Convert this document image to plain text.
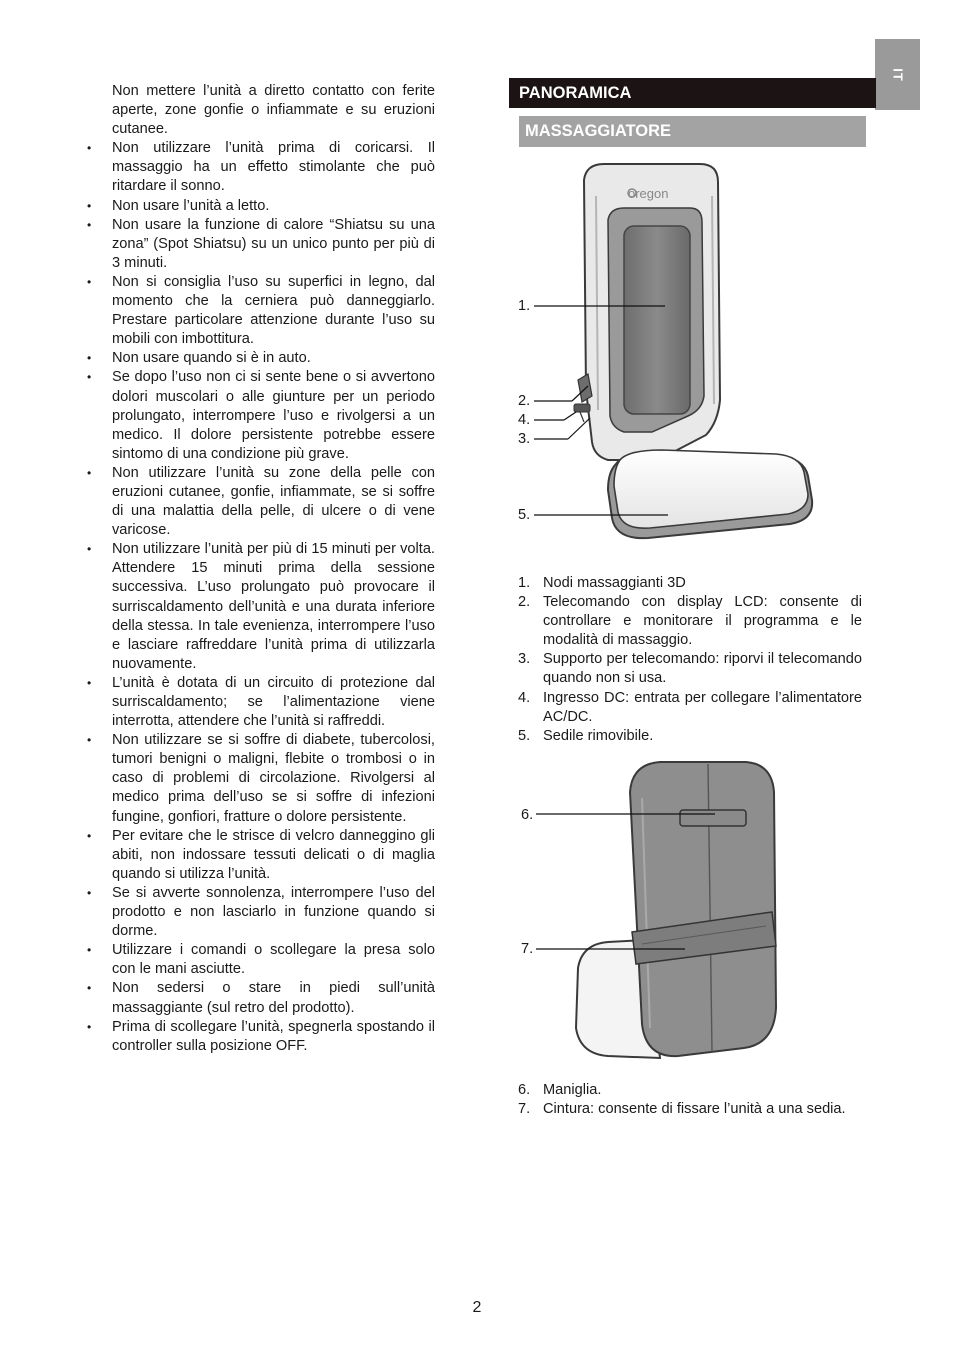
IT

Non mettere l’unità a diretto contatto con ferite aperte, zone gonfie o infiammate e su eruzioni cutanee.

• Non utilizzare l’unità prima di coricarsi. Il massaggio ha un effetto stimolante che può ritardare il sonno.
• Non usare l’unità a letto.
• Non usare la funzione di calore “Shiatsu su una zona” (Spot Shiatsu) su un unico punto per più di 3 minuti.
• Non si consiglia l’uso su superfici in legno, dal momento che la cerniera può danneggiarlo. Prestare particolare attenzione durante l’uso su mobili con imbottitura.
• Non usare quando si è in auto.
• Se dopo l’uso non ci si sente bene o si avvertono dolori muscolari o alle giunture per un periodo prolungato, interrompere l’uso e rivolgersi a un medico. Il dolore persistente potrebbe essere sintomo di una condizione più grave.
• Non utilizzare l’unità su zone della pelle con eruzioni cutanee, gonfie, infiammate, se si soffre di una malattia della pelle, di ulcere o di vene varicose.
• Non utilizzare l’unità per più di 15 minuti per volta. Attendere 15 minuti prima della sessione successiva. L’uso prolungato può provocare il surriscaldamento dell’unità e una durata inferiore della stessa. In tale evenienza, interrompere l’uso e lasciare raffreddare l’unità prima di utilizzarla nuovamente.
• L’unità è dotata di un circuito di protezione dal surriscaldamento; se l’alimentazione viene interrotta, attendere che l’unità si raffreddi.
• Non utilizzare se si soffre di diabete, tubercolosi, tumori benigni o maligni, flebite o trombosi o in caso di problemi di circolazione. Rivolgersi al medico prima dell’uso se si soffre di infezioni fungine, gonfiori, fratture o dolore persistente.
• Per evitare che le strisce di velcro danneggino gli abiti, non indossare tessuti delicati o di maglia quando si utilizza l’unità.
• Se si avverte sonnolenza, interrompere l’uso del prodotto e non lasciarlo in funzione quando si dorme.
• Utilizzare i comandi o scollegare la presa solo con le mani asciutte.
• Non sedersi o stare in piedi sull’unità massaggiante (sul retro del prodotto).
• Prima di scollegare l’unità, spegnerla spostando il controller sulla posizione OFF.
PANORAMICA
MASSAGGIATORE
oregon
1.
2.
4.
3.
5.
1. Nodi massaggianti 3D
2. Telecomando con display LCD: consente di controllare e monitorare il programma e le modalità di massaggio.
3. Supporto per telecomando: riporvi il telecomando quando non si usa.
4. Ingresso DC: entrata per collegare l’alimentatore AC/DC.
5. Sedile rimovibile.
6.
7.
6. Maniglia.
7. Cintura: consente di fissare l’unità a una sedia.
2
